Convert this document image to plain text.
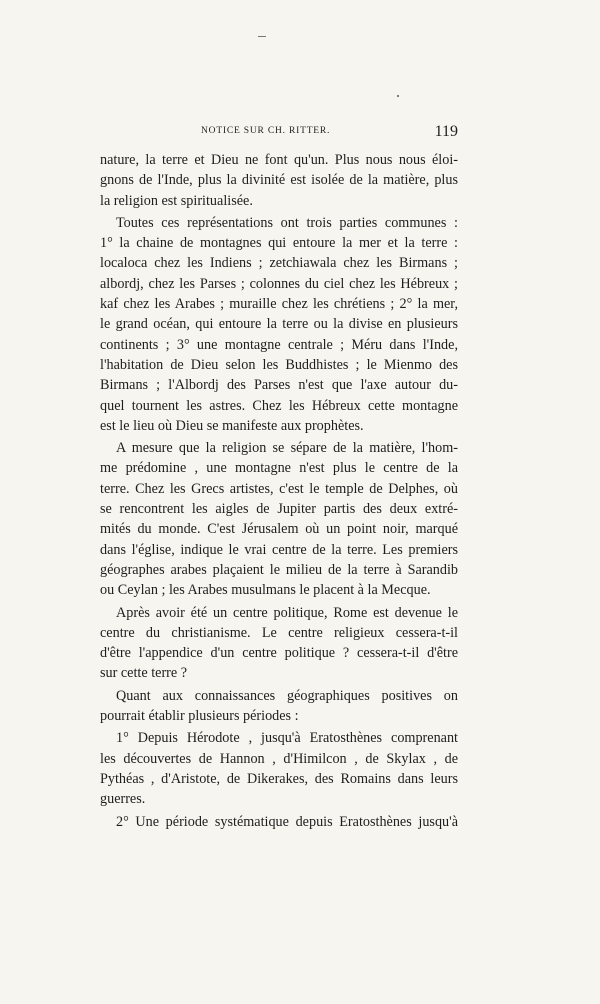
NOTICE SUR CH. RITTER.	119
nature, la terre et Dieu ne font qu'un. Plus nous nous éloi-
gnons de l'Inde, plus la divinité est isolée de la matière, plus
la religion est spiritualisée.
Toutes ces représentations ont trois parties communes :
1° la chaine de montagnes qui entoure la mer et la terre :
localoca chez les Indiens ; zetchiawala chez les Birmans ;
albordj, chez les Parses ; colonnes du ciel chez les Hébreux ;
kaf chez les Arabes ; muraille chez les chrétiens ; 2° la mer,
le grand océan, qui entoure la terre ou la divise en plusieurs
continents ; 3° une montagne centrale ; Méru dans l'Inde,
l'habitation de Dieu selon les Buddhistes ; le Mienmo des
Birmans ; l'Albordj des Parses n'est que l'axe autour du-
quel tournent les astres. Chez les Hébreux cette montagne
est le lieu où Dieu se manifeste aux prophètes.
A mesure que la religion se sépare de la matière, l'hom-
me prédomine , une montagne n'est plus le centre de la
terre. Chez les Grecs artistes, c'est le temple de Delphes, où
se rencontrent les aigles de Jupiter partis des deux extré-
mités du monde. C'est Jérusalem où un point noir, marqué
dans l'église, indique le vrai centre de la terre. Les premiers
géographes arabes plaçaient le milieu de la terre à Sarandib
ou Ceylan ; les Arabes musulmans le placent à la Mecque.
Après avoir été un centre politique, Rome est devenue le
centre du christianisme. Le centre religieux cessera-t-il
d'être l'appendice d'un centre politique ? cessera-t-il d'être
sur cette terre ?
Quant aux connaissances géographiques positives on
pourrait établir plusieurs périodes :
1° Depuis Hérodote , jusqu'à Eratosthènes comprenant
les découvertes de Hannon , d'Himilcon , de Skylax , de
Pythéas , d'Aristote, de Dikerakes, des Romains dans leurs
guerres.
2° Une période systématique depuis Eratosthènes jusqu'à
